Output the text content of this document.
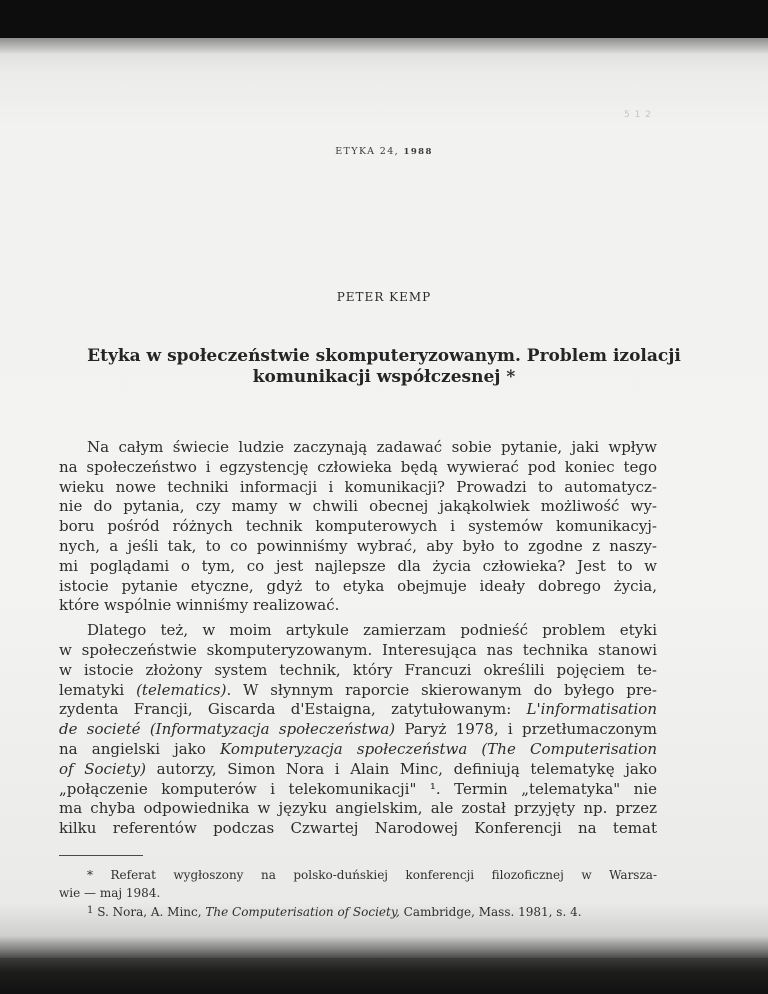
5 1 2
ETYKA 24, 1988
PETER KEMP
Etyka w społeczeństwie skomputeryzowanym. Problem izolacji
komunikacji współczesnej *
Na całym świecie ludzie zaczynają zadawać sobie pytanie, jaki wpływ
na społeczeństwo i egzystencję człowieka będą wywierać pod koniec tego
wieku nowe techniki informacji i komunikacji? Prowadzi to automatycz-
nie do pytania, czy mamy w chwili obecnej jakąkolwiek możliwość wy-
boru pośród różnych technik komputerowych i systemów komunikacyj-
nych, a jeśli tak, to co powinniśmy wybrać, aby było to zgodne z naszy-
mi poglądami o tym, co jest najlepsze dla życia człowieka? Jest to w
istocie pytanie etyczne, gdyż to etyka obejmuje ideały dobrego życia,
które wspólnie winniśmy realizować.
Dlatego też, w moim artykule zamierzam podnieść problem etyki
w społeczeństwie skomputeryzowanym. Interesująca nas technika stanowi
w istocie złożony system technik, który Francuzi określili pojęciem te-
lematyki (telematics). W słynnym raporcie skierowanym do byłego pre-
zydenta Francji, Giscarda d'Estaigna, zatytułowanym: L'informatisation
de societé (Informatyzacja społeczeństwa) Paryż 1978, i przetłumaczonym
na angielski jako Komputeryzacja społeczeństwa (The Computerisation
of Society) autorzy, Simon Nora i Alain Minc, definiują telematykę jako
„połączenie komputerów i telekomunikacji" ¹. Termin „telematyka" nie
ma chyba odpowiednika w języku angielskim, ale został przyjęty np. przez
kilku referentów podczas Czwartej Narodowej Konferencji na temat
* Referat wygłoszony na polsko-duńskiej konferencji filozoficznej w Warsza-
wie — maj 1984.
$^1$ S. Nora, A. Minc, The Computerisation of Society, Cambridge, Mass. 1981, s. 4.
